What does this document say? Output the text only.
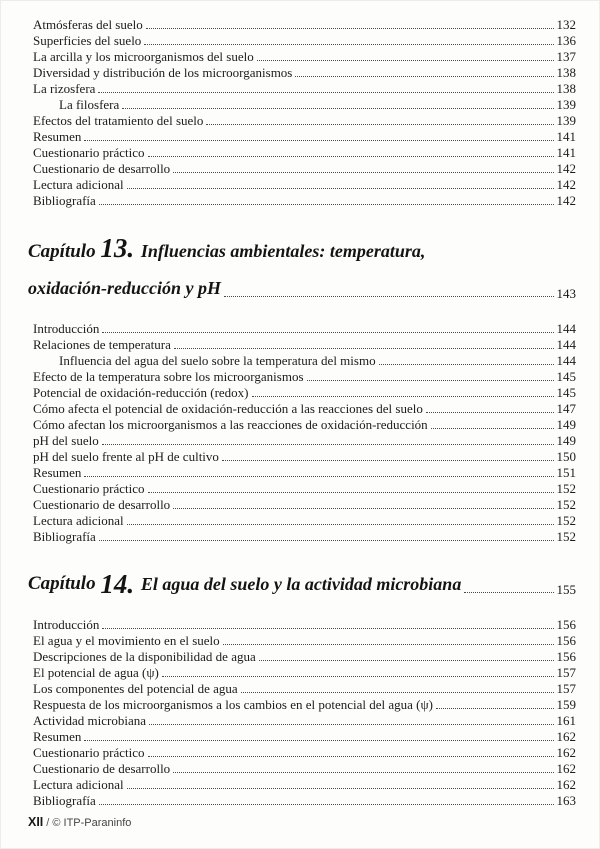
Atmósferas del suelo	132
Superficies del suelo	136
La arcilla y los microorganismos del suelo	137
Diversidad y distribución de los microorganismos	138
La rizosfera	138
La filosfera	139
Efectos del tratamiento del suelo	139
Resumen	141
Cuestionario práctico	141
Cuestionario de desarrollo	142
Lectura adicional	142
Bibliografía	142
Capítulo 13. Influencias ambientales: temperatura,
oxidación-reducción y pH	143
Introducción	144
Relaciones de temperatura	144
Influencia del agua del suelo sobre la temperatura del mismo	144
Efecto de la temperatura sobre los microorganismos	145
Potencial de oxidación-reducción (redox)	145
Cómo afecta el potencial de oxidación-reducción a las reacciones del suelo	147
Cómo afectan los microorganismos a las reacciones de oxidación-reducción	149
pH del suelo	149
pH del suelo frente al pH de cultivo	150
Resumen	151
Cuestionario práctico	152
Cuestionario de desarrollo	152
Lectura adicional	152
Bibliografía	152
Capítulo 14. El agua del suelo y la actividad microbiana	155
Introducción	156
El agua y el movimiento en el suelo	156
Descripciones de la disponibilidad de agua	156
El potencial de agua (ψ)	157
Los componentes del potencial de agua	157
Respuesta de los microorganismos a los cambios en el potencial del agua (ψ)	159
Actividad microbiana	161
Resumen	162
Cuestionario práctico	162
Cuestionario de desarrollo	162
Lectura adicional	162
Bibliografía	163
XII / © ITP-Paraninfo
